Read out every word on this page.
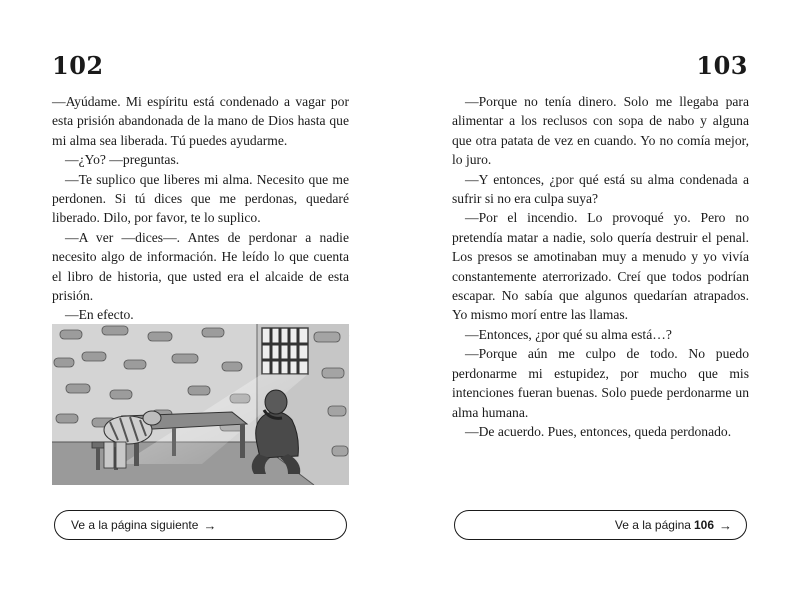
102

—Ayúdame. Mi espíritu está condenado a vagar por esta prisión abandonada de la mano de Dios hasta que mi alma sea liberada. Tú puedes ayudarme.

—¿Yo? —preguntas.

—Te suplico que liberes mi alma. Necesito que me perdonen. Si tú dices que me perdonas, quedaré liberado. Dilo, por favor, te lo suplico.

—A ver —dices—. Antes de perdonar a nadie necesito algo de información. He leído lo que cuenta el libro de historia, que usted era el alcaide de esta prisión.

—En efecto.

Ve a la página siguiente →
103

—Porque no tenía dinero. Solo me llegaba para alimentar a los reclusos con sopa de nabo y alguna que otra patata de vez en cuando. Yo no comía mejor, lo juro.

—Y entonces, ¿por qué está su alma condenada a sufrir si no era culpa suya?

—Por el incendio. Lo provoqué yo. Pero no pretendía matar a nadie, solo quería destruir el penal. Los presos se amotinaban muy a menudo y yo vivía constantemente aterrorizado. Creí que todos podrían escapar. No sabía que algunos quedarían atrapados. Yo mismo morí entre las llamas.

—Entonces, ¿por qué su alma está…?

—Porque aún me culpo de todo. No puedo perdonarme mi estupidez, por mucho que mis intenciones fueran buenas. Solo puede perdonarme un alma humana.

—De acuerdo. Pues, entonces, queda perdonado.

Ve a la página 106 →
